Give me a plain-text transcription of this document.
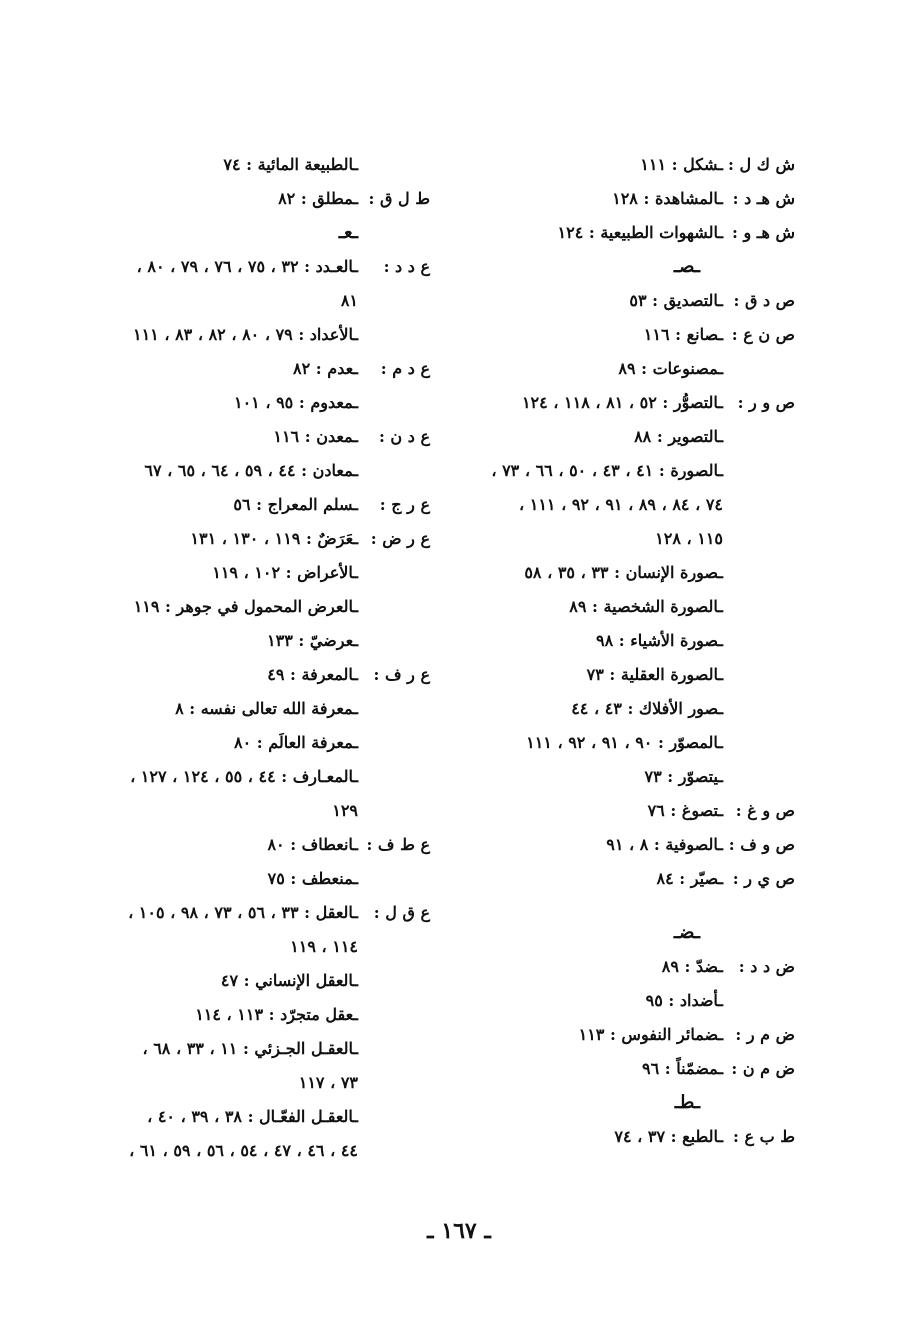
ش ك ل :
ـشكل : ١١١
ش هـ د :
ـالمشاهدة : ١٢٨
ش هـ و :
ـالشهوات الطبيعية : ١٢٤
ـصـ
ص د ق :
ـالتصديق : ٥٣
ص ن ع :
ـصانع : ١١٦
ـمصنوعات : ٨٩
ص و ر :
ـالتصوُّر : ٥٢ ، ٨١ ، ١١٨ ، ١٢٤
ـالتصوير : ٨٨
ـالصورة : ٤١ ، ٤٣ ، ٥٠ ، ٦٦ ، ٧٣ ،
٧٤ ، ٨٤ ، ٨٩ ، ٩١ ، ٩٢ ، ١١١ ،
١١٥ ، ١٢٨
ـصورة الإنسان : ٣٣ ، ٣٥ ، ٥٨
ـالصورة الشخصية : ٨٩
ـصورة الأشياء : ٩٨
ـالصورة العقلية : ٧٣
ـصور الأفلاك : ٤٣ ، ٤٤
ـالمصوّر : ٩٠ ، ٩١ ، ٩٢ ، ١١١
ـيتصوّر : ٧٣
ص و غ :
ـتصوغ : ٧٦
ص و ف :
ـالصوفية : ٨ ، ٩١
ص ي ر :
ـصيّر : ٨٤
ـضـ
ض د د :
ـضدّ : ٨٩
ـأضداد : ٩٥
ض م ر :
ـضمائر النفوس : ١١٣
ض م ن :
ـمضمّناً : ٩٦
ـطـ
ط ب ع :
ـالطبع : ٣٧ ، ٧٤
ـالطبيعة المائية : ٧٤
ط ل ق :
ـمطلق : ٨٢
ـعـ
ع د د :
ـالعـدد : ٣٢ ، ٧٥ ، ٧٦ ، ٧٩ ، ٨٠ ،
٨١
ـالأعداد : ٧٩ ، ٨٠ ، ٨٢ ، ٨٣ ، ١١١
ع د م :
ـعدم : ٨٢
ـمعدوم : ٩٥ ، ١٠١
ع د ن :
ـمعدن : ١١٦
ـمعادن : ٤٤ ، ٥٩ ، ٦٤ ، ٦٥ ، ٦٧
ع ر ج :
ـسلم المعراج : ٥٦
ع ر ض :
ـعَرَضٌ : ١١٩ ، ١٣٠ ، ١٣١
ـالأعراض : ١٠٢ ، ١١٩
ـالعرض المحمول في جوهر : ١١٩
ـعرضيّ : ١٣٣
ع ر ف :
ـالمعرفة : ٤٩
ـمعرفة الله تعالى نفسه : ٨
ـمعرفة العالَم : ٨٠
ـالمعـارف : ٤٤ ، ٥٥ ، ١٢٤ ، ١٢٧ ،
١٢٩
ع ط ف :
ـانعطاف : ٨٠
ـمنعطف : ٧٥
ع ق ل :
ـالعقل : ٣٣ ، ٥٦ ، ٧٣ ، ٩٨ ، ١٠٥ ،
١١٤ ، ١١٩
ـالعقل الإنساني : ٤٧
ـعقل متجرّد : ١١٣ ، ١١٤
ـالعقـل الجـزئي : ١١ ، ٣٣ ، ٦٨ ،
٧٣ ، ١١٧
ـالعقـل الفعّـال : ٣٨ ، ٣٩ ، ٤٠ ،
٤٤ ، ٤٦ ، ٤٧ ، ٥٤ ، ٥٦ ، ٥٩ ، ٦١ ،
ـ ١٦٧ ـ
